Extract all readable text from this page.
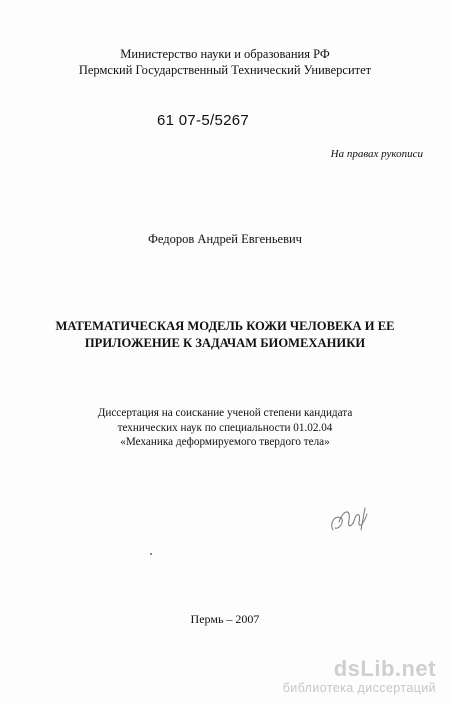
Министерство науки и образования РФ
Пермский Государственный Технический Университет
61 07-5/5267
На правах рукописи
Федоров Андрей Евгеньевич
МАТЕМАТИЧЕСКАЯ МОДЕЛЬ КОЖИ ЧЕЛОВЕКА И ЕЕ
ПРИЛОЖЕНИЕ К ЗАДАЧАМ БИОМЕХАНИКИ
Диссертация на соискание ученой степени кандидата
технических наук по специальности 01.02.04
«Механика деформируемого твердого тела»
Пермь – 2007
dsLib.net
библиотека диссертаций
